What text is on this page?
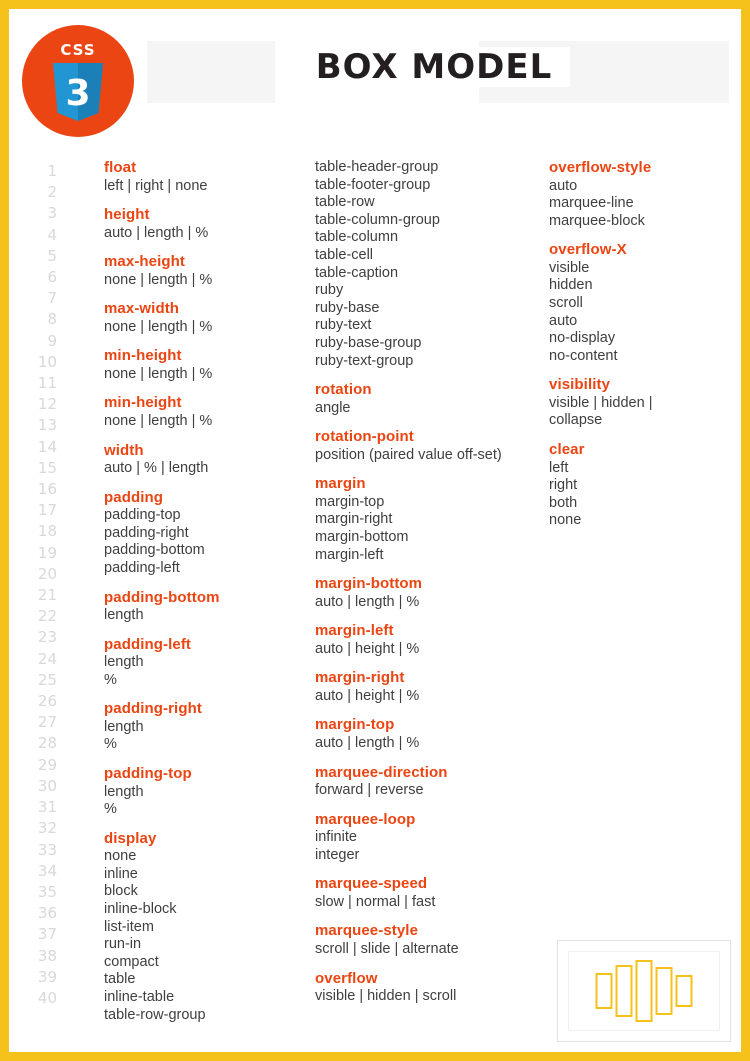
BOX MODEL
CSS
3
1
2
3
4
5
6
7
8
9
10
11
12
13
14
15
16
17
18
19
20
21
22
23
24
25
26
27
28
29
30
31
32
33
34
35
36
37
38
39
40
float
left | right | none
height
auto | length | %
max-height
none | length | %
max-width
none | length | %
min-height
none | length | %
min-height
none | length | %
width
auto | % | length
padding
padding-top
padding-right
padding-bottom
padding-left
padding-bottom
length
padding-left
length
%
padding-right
length
%
padding-top
length
%
display
none
inline
block
inline-block
list-item
run-in
compact
table
inline-table
table-row-group
table-header-group
table-footer-group
table-row
table-column-group
table-column
table-cell
table-caption
ruby
ruby-base
ruby-text
ruby-base-group
ruby-text-group
rotation
angle
rotation-point
position (paired value off-set)
margin
margin-top
margin-right
margin-bottom
margin-left
margin-bottom
auto | length | %
margin-left
auto | height | %
margin-right
auto | height | %
margin-top
auto | length | %
marquee-direction
forward | reverse
marquee-loop
infinite
integer
marquee-speed
slow | normal | fast
marquee-style
scroll | slide | alternate
overflow
visible | hidden | scroll
overflow-style
auto
marquee-line
marquee-block
overflow-X
visible
hidden
scroll
auto
no-display
no-content
visibility
visible | hidden |
collapse
clear
left
right
both
none
